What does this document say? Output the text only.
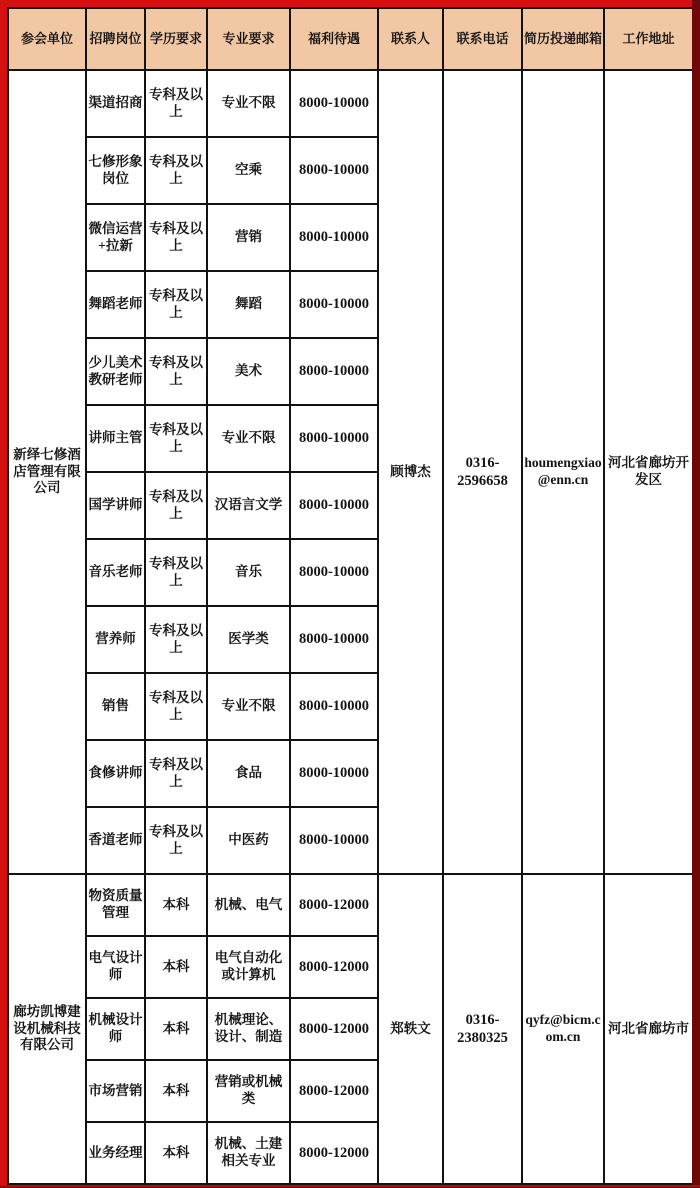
参会单位	招聘岗位	学历要求	专业要求	福利待遇	联系人	联系电话	简历投递邮箱	工作地址
新绎七修酒店管理有限公司	渠道招商	专科及以上	专业不限	8000-10000	顾博杰	0316-2596658	houmengxiao@enn.cn	河北省廊坊开发区
	七修形象岗位	专科及以上	空乘	8000-10000				
	微信运营+拉新	专科及以上	营销	8000-10000				
	舞蹈老师	专科及以上	舞蹈	8000-10000				
	少儿美术教研老师	专科及以上	美术	8000-10000				
	讲师主管	专科及以上	专业不限	8000-10000				
	国学讲师	专科及以上	汉语言文学	8000-10000				
	音乐老师	专科及以上	音乐	8000-10000				
	营养师	专科及以上	医学类	8000-10000				
	销售	专科及以上	专业不限	8000-10000				
	食修讲师	专科及以上	食品	8000-10000				
	香道老师	专科及以上	中医药	8000-10000				
廊坊凯博建设机械科技有限公司	物资质量管理	本科	机械、电气	8000-12000	郑轶文	0316-2380325	qyfz@bicm.com.cn	河北省廊坊市
	电气设计师	本科	电气自动化或计算机	8000-12000				
	机械设计师	本科	机械理论、设计、制造	8000-12000				
	市场营销	本科	营销或机械类	8000-12000				
	业务经理	本科	机械、土建相关专业	8000-12000				
